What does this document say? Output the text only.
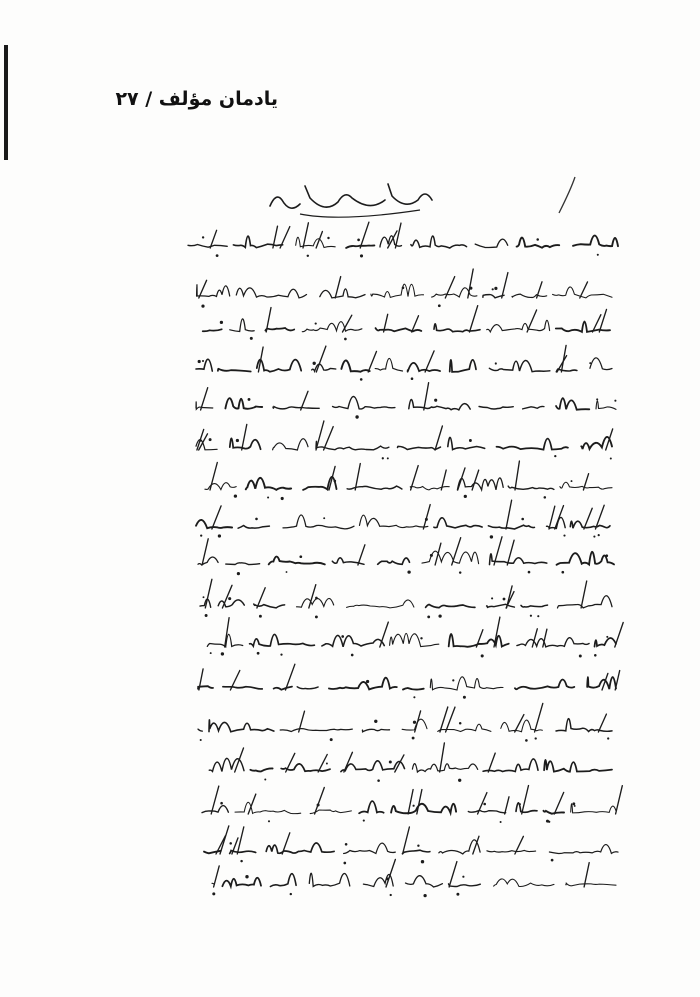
یادمان مؤلف / ۲۷
